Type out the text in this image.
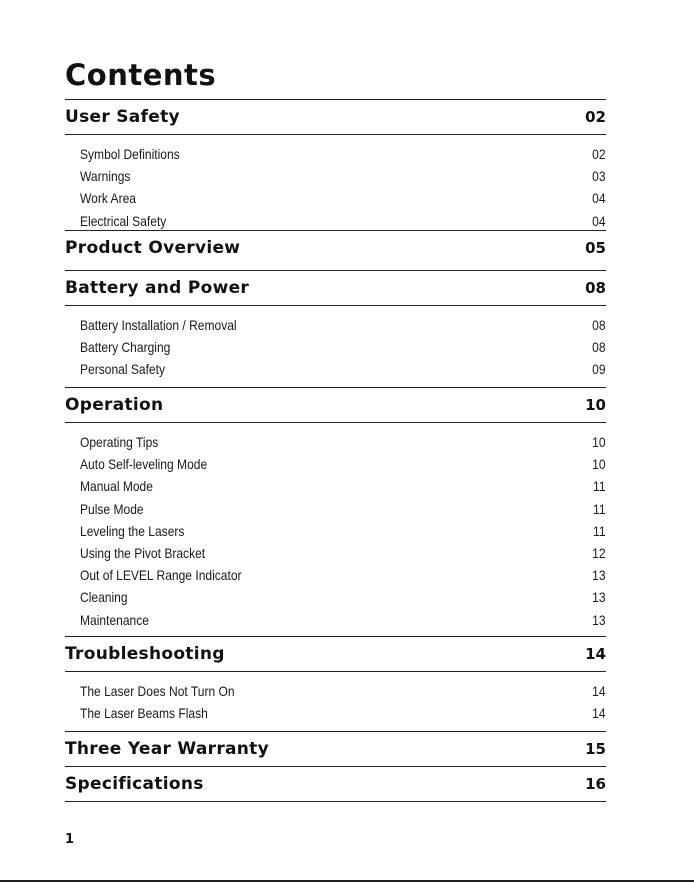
Contents
User Safety	02
Symbol Definitions	02
Warnings	03
Work Area	04
Electrical Safety	04
Product Overview	05
Battery and Power	08
Battery Installation / Removal	08
Battery Charging	08
Personal Safety	09
Operation	10
Operating Tips	10
Auto Self-leveling Mode	10
Manual Mode	11
Pulse Mode	11
Leveling the Lasers	11
Using the Pivot Bracket	12
Out of LEVEL Range Indicator	13
Cleaning	13
Maintenance	13
Troubleshooting	14
The Laser Does Not Turn On	14
The Laser Beams Flash	14
Three Year Warranty	15
Specifications	16
1
